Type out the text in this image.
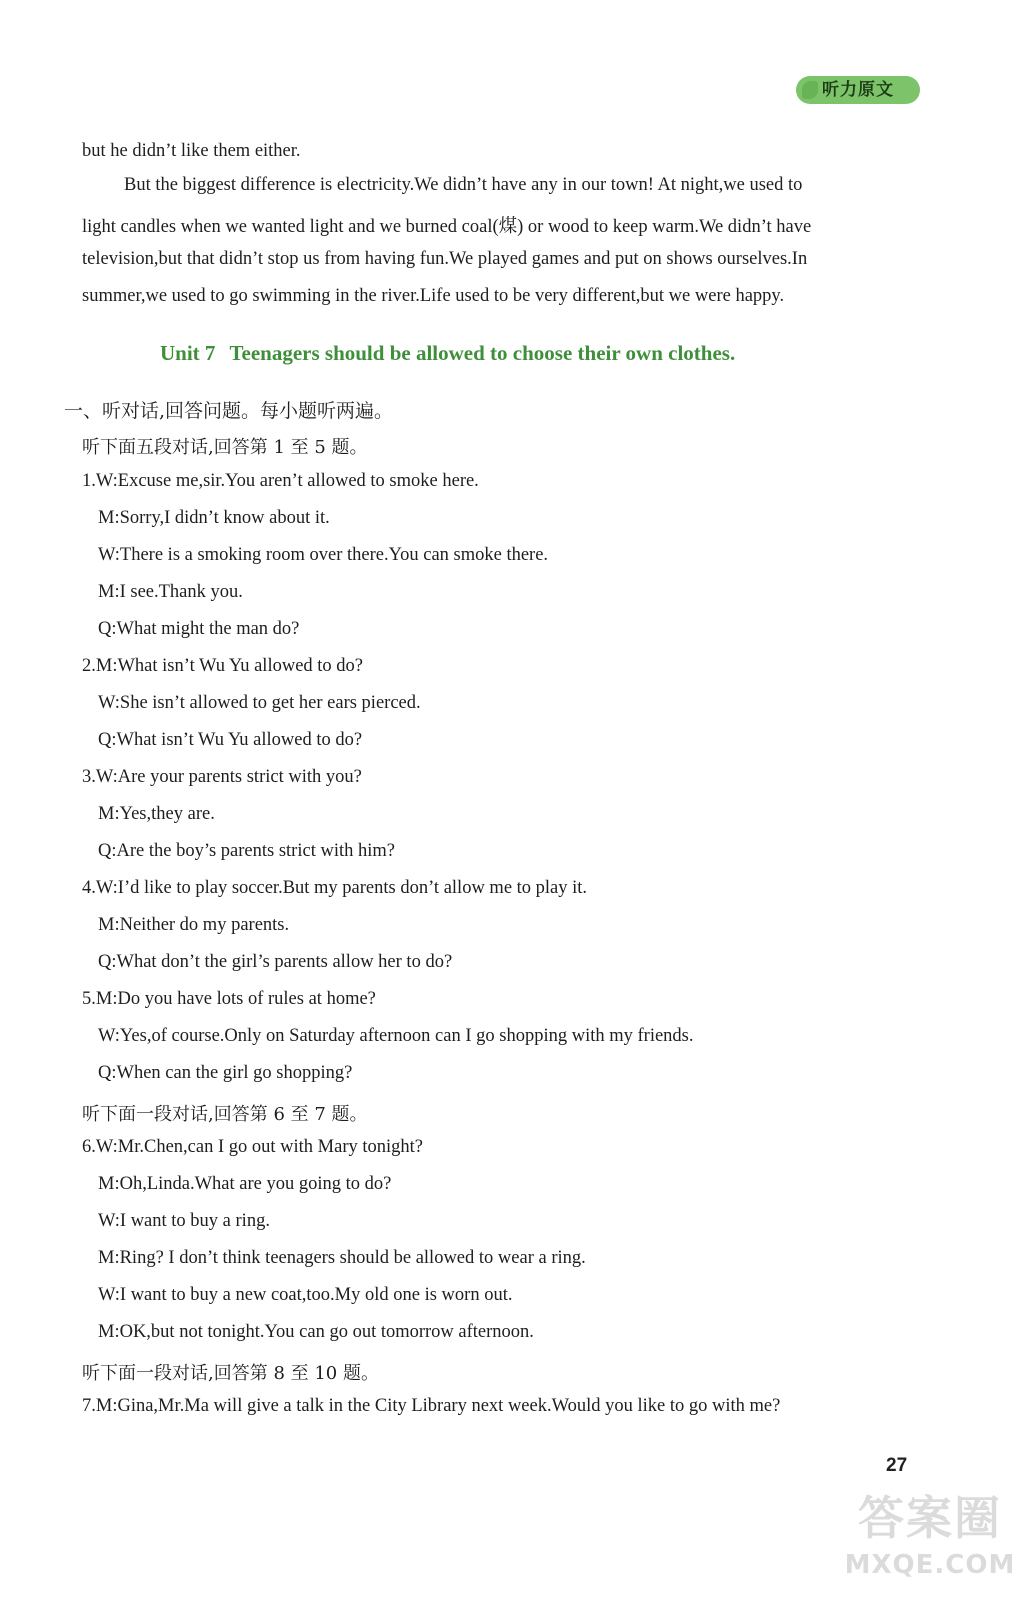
听力原文

but he didn’t like them either.

But the biggest difference is electricity.We didn’t have any in our town! At night,we used to

light candles when we wanted light and we burned coal(煤) or wood to keep warm.We didn’t have

television,but that didn’t stop us from having fun.We played games and put on shows ourselves.In

summer,we used to go swimming in the river.Life used to be very different,but we were happy.

Unit 7 Teenagers should be allowed to choose their own clothes.

一、听对话,回答问题。每小题听两遍。

听下面五段对话,回答第 1 至 5 题。

1.W:Excuse me,sir.You aren’t allowed to smoke here.

M:Sorry,I didn’t know about it.

W:There is a smoking room over there.You can smoke there.

M:I see.Thank you.

Q:What might the man do?

2.M:What isn’t Wu Yu allowed to do?

W:She isn’t allowed to get her ears pierced.

Q:What isn’t Wu Yu allowed to do?

3.W:Are your parents strict with you?

M:Yes,they are.

Q:Are the boy’s parents strict with him?

4.W:I’d like to play soccer.But my parents don’t allow me to play it.

M:Neither do my parents.

Q:What don’t the girl’s parents allow her to do?

5.M:Do you have lots of rules at home?

W:Yes,of course.Only on Saturday afternoon can I go shopping with my friends.

Q:When can the girl go shopping?

听下面一段对话,回答第 6 至 7 题。

6.W:Mr.Chen,can I go out with Mary tonight?

M:Oh,Linda.What are you going to do?

W:I want to buy a ring.

M:Ring? I don’t think teenagers should be allowed to wear a ring.

W:I want to buy a new coat,too.My old one is worn out.

M:OK,but not tonight.You can go out tomorrow afternoon.

听下面一段对话,回答第 8 至 10 题。

7.M:Gina,Mr.Ma will give a talk in the City Library next week.Would you like to go with me?

27
答案圈
MXQE.COM
